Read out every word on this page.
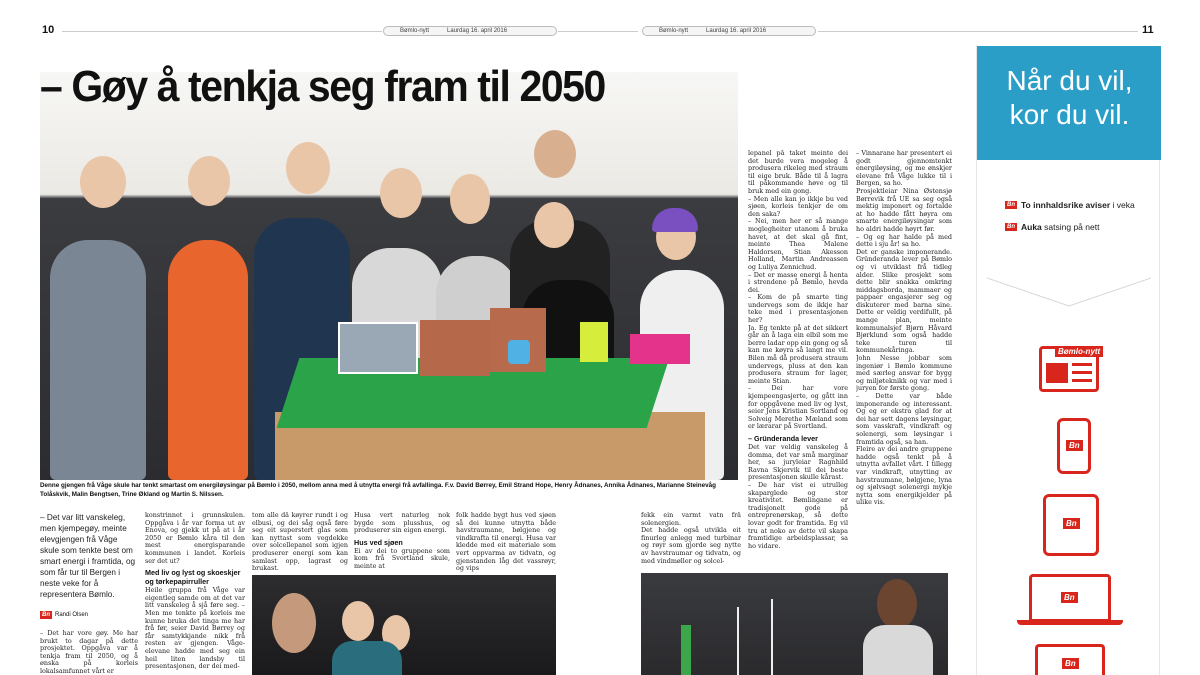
10	Bømlo-nytt	Laurdag 16. april 2016	Bømlo-nytt	Laurdag 16. april 2016	11
– Gøy å tenkja seg fram til 2050
Denne gjengen frå Våge skule har tenkt smartast om energiløysingar på Bømlo i 2050, mellom anna med å utnytta energi frå avfallinga. F.v. David Børrey, Emil Strand Hope, Henry Ådnanes, Annika Ådnanes, Marianne Steinevåg Tolåskvik, Malin Bengtsen, Trine Økland og Martin S. Nilssen.
– Det var litt vanskeleg, men kjempegøy, meinte elevgjengen frå Våge skule som tenkte best om smart energi i framtida, og som får tur til Bergen i neste veke for å representera Bømlo.
Bn Randi Olsen

– Det har vore gøy. Me har brukt to dagar på dette prosjektet. Oppgåva var å tenkja fram til 2050, og å ønska på korleis lokalsamfunnet vårt er

konstrinnet i grunnskulen. Oppgåva i år var forma ut av Enova, og gjekk ut på at i år 2050 er Bømlo kåra til den mest energisparande kommunen i landet. Korleis ser det ut?

Med liv og lyst og skoeskjer og tørkepapirruller

Heile gruppa frå Våge var eigentleg samde om at det var litt vanskeleg å sjå føre seg. – Men me tenkte på korleis me kunne bruka det tinga me har frå før, seier David Børrey og får samtykkjande nikk frå resten av gjengen. Våge-elevane hadde med seg ein heil liten landsby til presentasjonen, der dei med-

tom alle då køyrer rundt i og elbusi, og dei såg også føre seg eit superstert glas som kan nyttast som vegdekke over solcellepanel som igjen produserer energi som kan samlast opp, lagrast og brukast.

Husa vert naturleg nok bygde som plusshus, og produserer sin eigen energi.

Hus ved sjøen

Ei av dei to gruppene som kom frå Svortland skule, meinte at

folk hadde bygt hus ved sjøen så dei kunne utnytta både havstraumane, bølgjene og vindkrafta til energi. Husa var kledde med eit materiale som vert oppvarma av tidvatn, og gjenstanden låg det vassrøyr, og vips

fekk ein varmt vatn frå solenergien.

Det hadde også utvikla eit finurleg anlegg med turbinar og røyr som gjorde seg nytte av havstraumar og tidvatn, og med vindmøller og solcel-

lepanel på taket meinte dei det burde vera mogeleg å produsera rikeleg med straum til eige bruk. Både til å lagra til påkommande høve og til bruk med ein gong.

– Men alle kan jo ikkje bu ved sjøen, korleis tenkjer de om den saka?

– Nei, men her er så mange moglegheiter utanom å bruka havet, at det skal gå fint, meinte Thea Malene Haldorsen, Stian Akesson Holland, Martin Andreassen og Luliya Zennichud.

– Det er masse energi å henta i strendene på Bømlo, hevda dei.

– Kom de på smarte ting undervegs som de ikkje har teke med i presentasjonen her?

Ja. Eg tenkte på at det sikkert går an å laga ein elbil som me berre ladar opp ein gong og så kan me køyra så langt me vil. Bilen må då produsera straum undervegs, pluss at den kan produsera straum for lager, meinte Stian.

– Dei har vore kjempeengasjerte, og gått inn for oppgåvene med liv og lyst, seier Jens Kristian Sortland og Solveig Merethe Mæland som er lærarar på Svortland.

– Gründeranda lever

Det var veldig vanskeleg å domma, det var små marginar her, sa juryleiar Ragnhild Ravna Skjervik til dei beste presentasjonen skulle kårast.

– De har vist ei utrulleg skaparglede og stor kreativitet. Bømlingane er tradisjonelt gode på entreprenørskap, så dette lovar godt for framtida. Eg vil tru at noko av dette vil skapa framtidige arbeidsplassar, sa ho vidare.

– Vinnarane har presentert ei godt gjennomtenkt energiløysing, og me ønskjer elevane frå Våge lukke til i Bergen, sa ho.

Prosjektleiar Nina Østensjø Børrevik frå UE sa seg også mektig imponert og fortalde at ho hadde fått høyra om smarte energiløysingar som ho aldri hadde høyrt før.

– Og eg har halde på med dette i sju år! sa ho.

Det er ganske imponerande. Gründeranda lever på Bømlo og vi utviklast frå tidleg alder. Slike prosjekt som dette blir snakka omkring middagsborda, mammaer og pappaer engasjerer seg og diskuterer med barna sine. Dette er veldig verdifullt, på mange plan, meinte kommunalsjef Bjørn Håvard Bjørklund som også hadde teke turen til kommunekåringa.

John Nesse jobbar som ingeniør i Bømlo kommune med særleg ansvar for bygg og miljøteknikk og var med i juryen for første gong.

– Dette var både imponerande og interessant. Og eg er ekstra glad for at dei har sett dagens løysingar, som vasskraft, vindkraft og solenergi, som løysingar i framtida også, sa han.

Fleire av dei andre gruppene hadde også tenkt på å utnytta avfallet vårt. I tillegg var vindkraft, utnytting av havstraumane, bølgjene, lyna og sjølvsagt solenergi mykje nytta som energikjelder på ulike vis.

Når du vil, kor du vil.
Bn To innhaldsrike aviser i veka
Bn Auka satsing på nett
Bømlo-nytt
Bn
Bn
Bn
Bn
